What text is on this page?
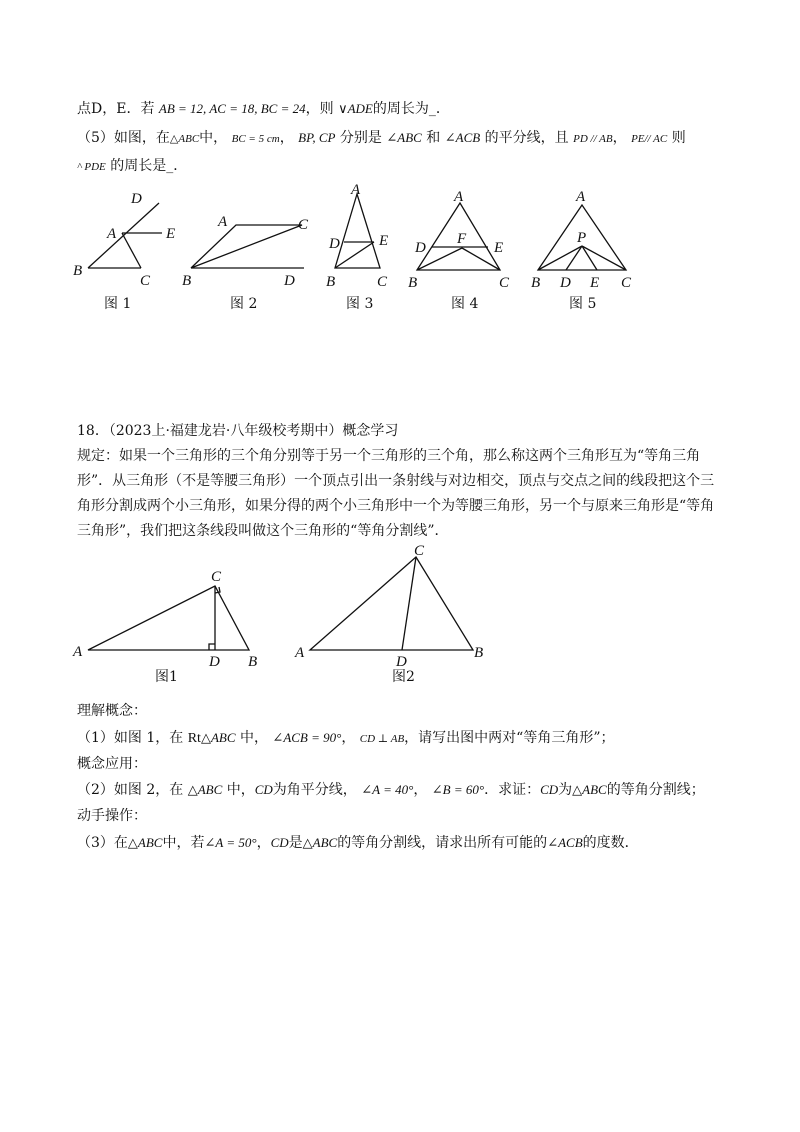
点D，E．若 AB = 12, AC = 18, BC = 24，则 ∨ADE的周长为_．
（5）如图，在△ABC中， BC = 5 cm， BP, CP 分别是 ∠ABC 和 ∠ACB 的平分线，且 PD // AB， PE// AC 则
^ PDE 的周长是_．
D
A	E
B
C
图 1
A	C
B	D
图 2
A
D	E
B	C
图 3
A
D
F
E
B	C
图 4
A
P
B D E C
图 5
C
A
D B
图1
C
A
D
B
图2
18．（2023上·福建龙岩·八年级校考期中）概念学习
规定：如果一个三角形的三个角分别等于另一个三角形的三个角，那么称这两个三角形互为“等角三角
形”．从三角形（不是等腰三角形）一个顶点引出一条射线与对边相交，顶点与交点之间的线段把这个三
角形分割成两个小三角形，如果分得的两个小三角形中一个为等腰三角形，另一个与原来三角形是“等角
三角形”，我们把这条线段叫做这个三角形的“等角分割线”．
理解概念：
（1）如图 1，在 Rt△ABC 中， ∠ACB = 90°， CD ⊥ AB，请写出图中两对“等角三角形”；
概念应用：
（2）如图 2，在 △ABC 中，CD为角平分线， ∠A = 40°， ∠B = 60°．求证：CD为△ABC的等角分割线；
动手操作：
（3）在△ABC中，若∠A = 50°，CD是△ABC的等角分割线，请求出所有可能的∠ACB的度数．
